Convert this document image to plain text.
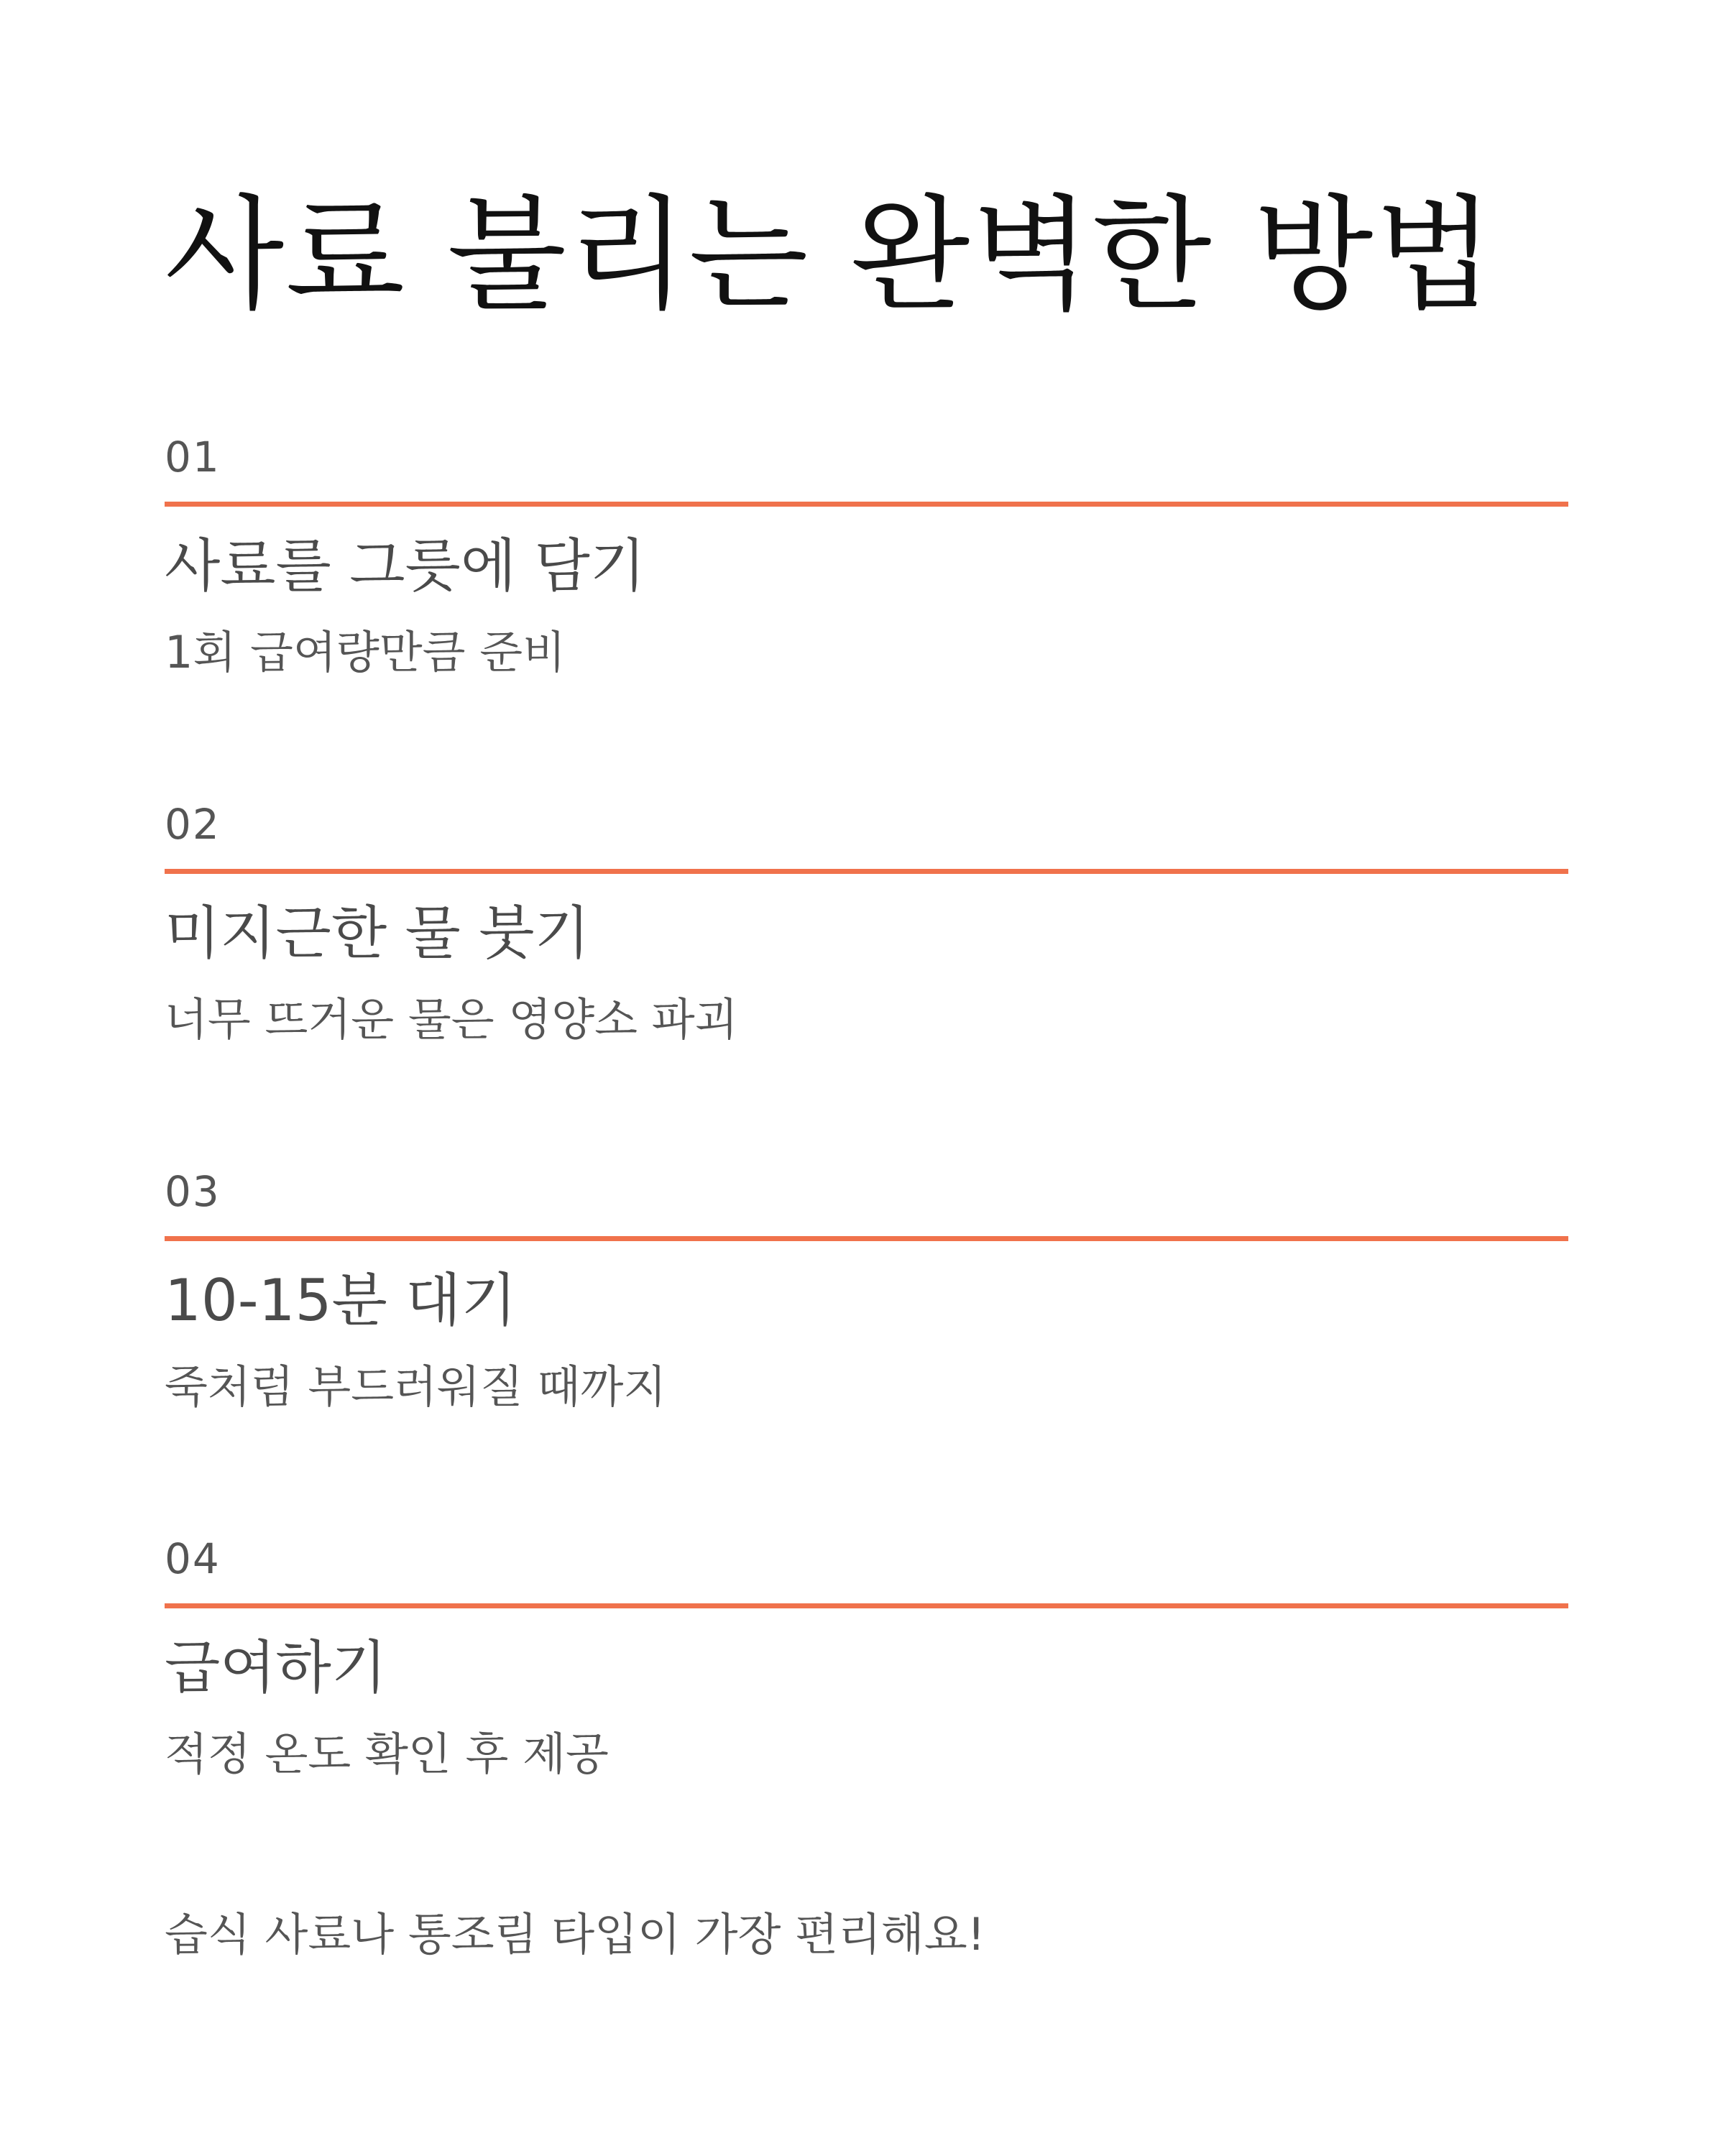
사료 불리는 완벽한 방법
01
사료를 그릇에 담기

1회 급여량만큼 준비

02
미지근한 물 붓기

너무 뜨거운 물은 영양소 파괴

03
10-15분 대기

죽처럼 부드러워질 때까지

04
급여하기

적정 온도 확인 후 제공

습식 사료나 통조림 타입이 가장 편리해요!
